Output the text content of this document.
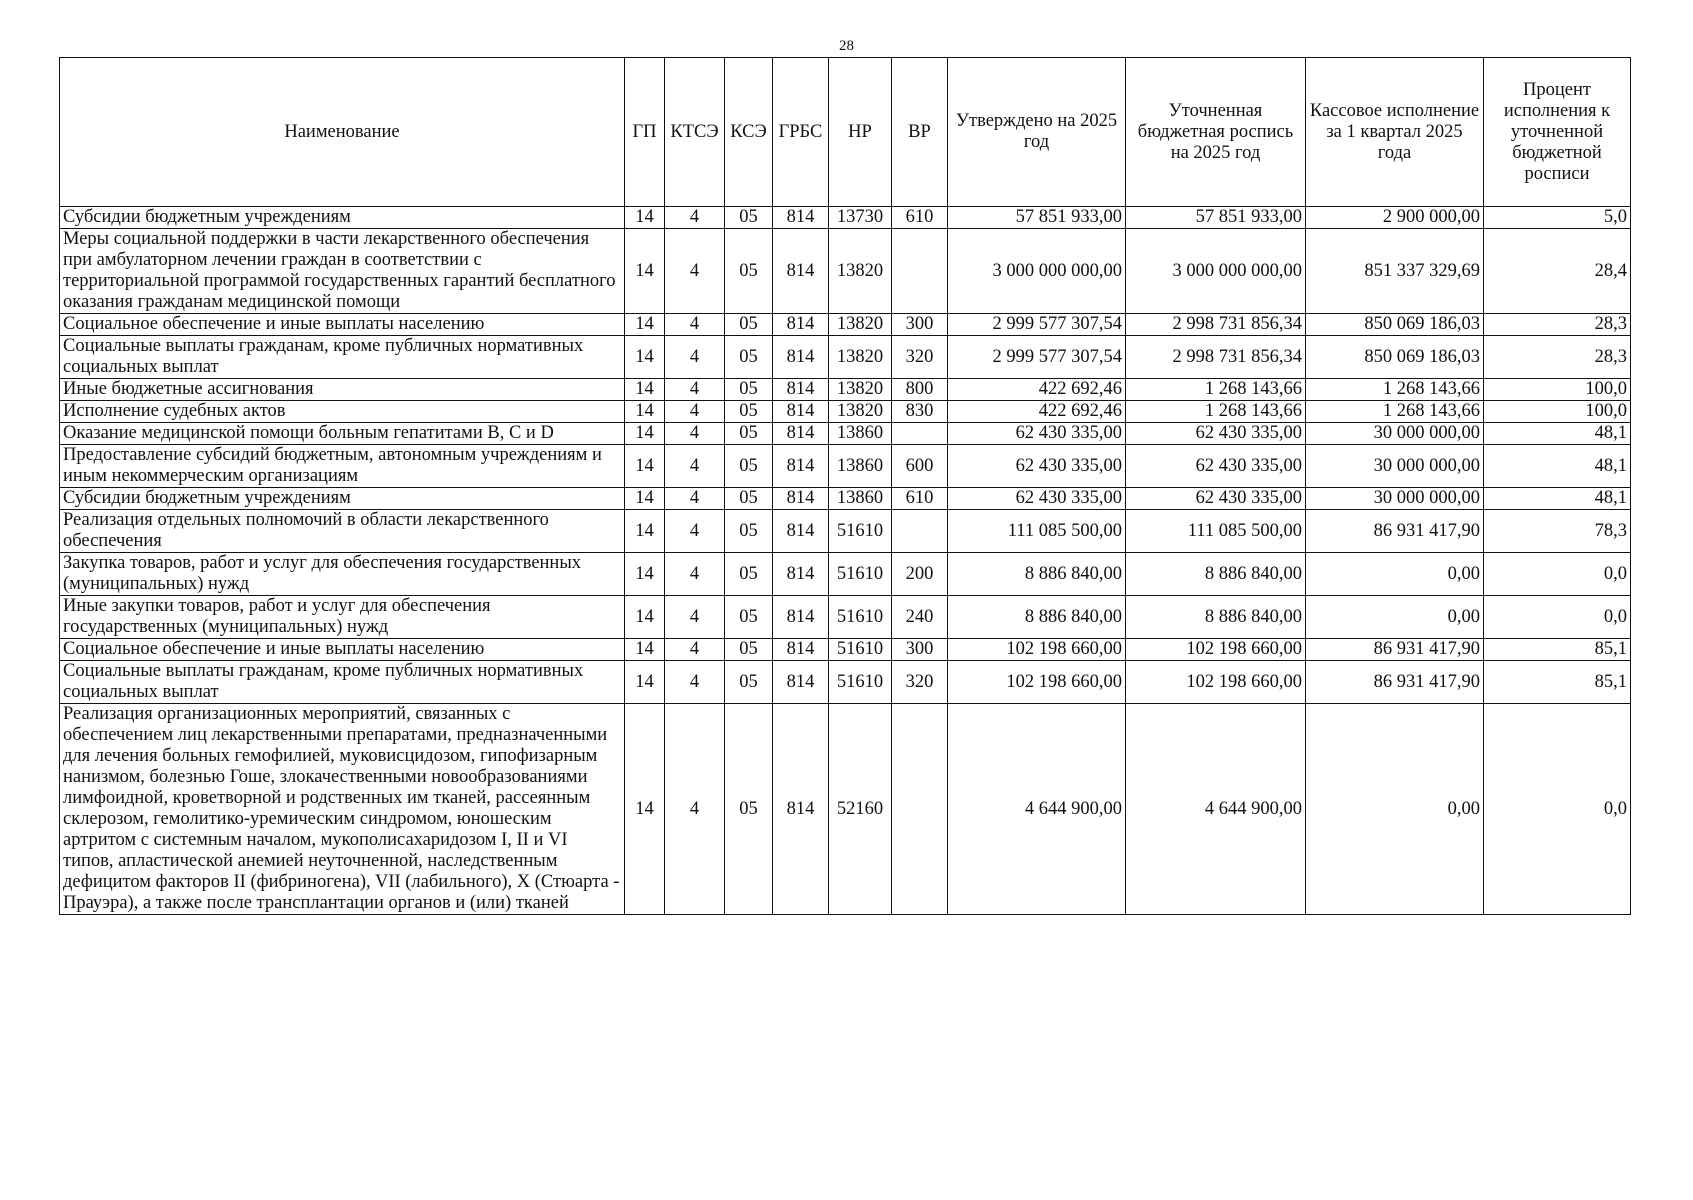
28
Наименование	ГП	КТСЭ	КСЭ	ГРБС	НР	ВР	Утверждено на 2025 год	Уточненная бюджетная роспись на 2025 год	Кассовое исполнение за 1 квартал 2025 года	Процент исполнения к уточненной бюджетной росписи
Субсидии бюджетным учреждениям	14	4	05	814	13730	610	57 851 933,00	57 851 933,00	2 900 000,00	5,0
Меры социальной поддержки в части лекарственного обеспечения при амбулаторном лечении граждан в соответствии с территориальной программой государственных гарантий бесплатного оказания гражданам медицинской помощи	14	4	05	814	13820		3 000 000 000,00	3 000 000 000,00	851 337 329,69	28,4
Социальное обеспечение и иные выплаты населению	14	4	05	814	13820	300	2 999 577 307,54	2 998 731 856,34	850 069 186,03	28,3
Социальные выплаты гражданам, кроме публичных нормативных социальных выплат	14	4	05	814	13820	320	2 999 577 307,54	2 998 731 856,34	850 069 186,03	28,3
Иные бюджетные ассигнования	14	4	05	814	13820	800	422 692,46	1 268 143,66	1 268 143,66	100,0
Исполнение судебных актов	14	4	05	814	13820	830	422 692,46	1 268 143,66	1 268 143,66	100,0
Оказание медицинской помощи больным гепатитами B, C и D	14	4	05	814	13860		62 430 335,00	62 430 335,00	30 000 000,00	48,1
Предоставление субсидий бюджетным, автономным учреждениям и иным некоммерческим организациям	14	4	05	814	13860	600	62 430 335,00	62 430 335,00	30 000 000,00	48,1
Субсидии бюджетным учреждениям	14	4	05	814	13860	610	62 430 335,00	62 430 335,00	30 000 000,00	48,1
Реализация отдельных полномочий в области лекарственного обеспечения	14	4	05	814	51610		111 085 500,00	111 085 500,00	86 931 417,90	78,3
Закупка товаров, работ и услуг для обеспечения государственных (муниципальных) нужд	14	4	05	814	51610	200	8 886 840,00	8 886 840,00	0,00	0,0
Иные закупки товаров, работ и услуг для обеспечения государственных (муниципальных) нужд	14	4	05	814	51610	240	8 886 840,00	8 886 840,00	0,00	0,0
Социальное обеспечение и иные выплаты населению	14	4	05	814	51610	300	102 198 660,00	102 198 660,00	86 931 417,90	85,1
Социальные выплаты гражданам, кроме публичных нормативных социальных выплат	14	4	05	814	51610	320	102 198 660,00	102 198 660,00	86 931 417,90	85,1
Реализация организационных мероприятий, связанных с обеспечением лиц лекарственными препаратами, предназначенными для лечения больных гемофилией, муковисцидозом, гипофизарным нанизмом, болезнью Гоше, злокачественными новообразованиями лимфоидной, кроветворной и родственных им тканей, рассеянным склерозом, гемолитико-уремическим синдромом, юношеским артритом с системным началом, мукополисахаридозом I, II и VI типов, апластической анемией неуточненной, наследственным дефицитом факторов II (фибриногена), VII (лабильного), X (Стюарта - Прауэра), а также после трансплантации органов и (или) тканей	14	4	05	814	52160		4 644 900,00	4 644 900,00	0,00	0,0
